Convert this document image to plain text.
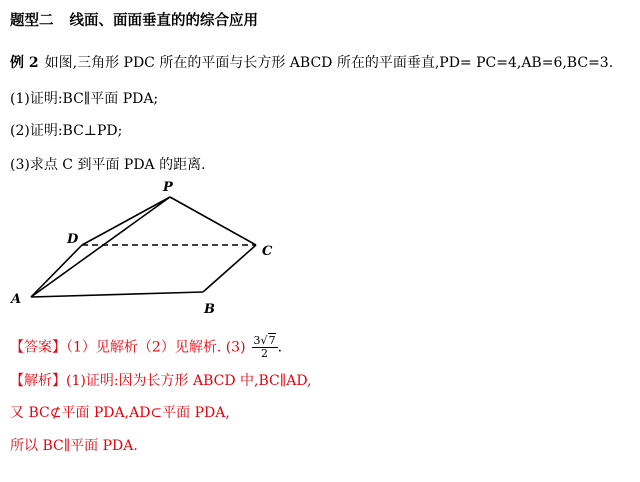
题型二 线面、面面垂直的的综合应用
例 2 如图,三角形 PDC 所在的平面与长方形 ABCD 所在的平面垂直,PD= PC=4,AB=6,BC=3.
(1)证明:BC∥平面 PDA;
(2)证明:BC⊥PD;
(3)求点 C 到平面 PDA 的距离.
P
D
C
A
B
【答案】（1）见解析（2）见解析. $(3) \frac{3√7}{2}$ .
【解析】(1)证明:因为长方形 ABCD 中,BC∥AD,
又 BC⊄平面 PDA,AD⊂平面 PDA,
所以 BC∥平面 PDA.
